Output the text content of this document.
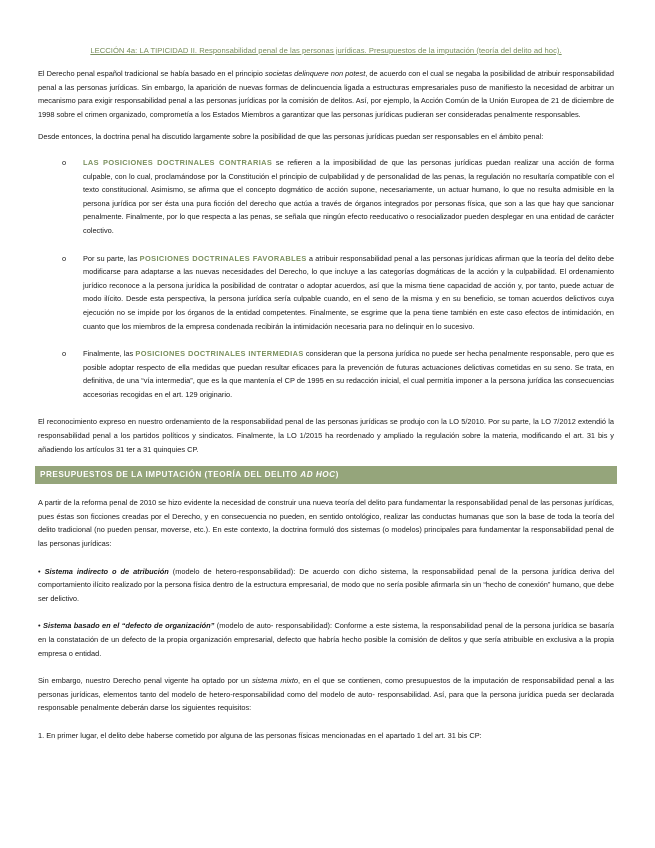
LECCIÓN 4a: LA TIPICIDAD II. Responsabilidad penal de las personas jurídicas. Presupuestos de la imputación (teoría del delito ad hoc).

El Derecho penal español tradicional se había basado en el principio societas delinquere non potest, de acuerdo con el cual se negaba la posibilidad de atribuir responsabilidad penal a las personas jurídicas. Sin embargo, la aparición de nuevas formas de delincuencia ligada a estructuras empresariales puso de manifiesto la necesidad de arbitrar un mecanismo para exigir responsabilidad penal a las personas jurídicas por la comisión de delitos. Así, por ejemplo, la Acción Común de la Unión Europea de 21 de diciembre de 1998 sobre el crimen organizado, comprometía a los Estados Miembros a garantizar que las personas jurídicas pudieran ser consideradas penalmente responsables.

Desde entonces, la doctrina penal ha discutido largamente sobre la posibilidad de que las personas jurídicas puedan ser responsables en el ámbito penal:

o LAS POSICIONES DOCTRINALES CONTRARIAS se refieren a la imposibilidad de que las personas jurídicas puedan realizar una acción de forma culpable, con lo cual, proclamándose por la Constitución el principio de culpabilidad y de personalidad de las penas, la regulación no resultaría compatible con el texto constitucional. Asimismo, se afirma que el concepto dogmático de acción supone, necesariamente, un actuar humano, lo que no resulta admisible en la persona jurídica por ser ésta una pura ficción del derecho que actúa a través de órganos integrados por personas física, que son a las que hay que sancionar penalmente. Finalmente, por lo que respecta a las penas, se señala que ningún efecto reeducativo o resocializador pueden desplegar en una entidad de carácter colectivo.
o Por su parte, las POSICIONES DOCTRINALES FAVORABLES a atribuir responsabilidad penal a las personas jurídicas afirman que la teoría del delito debe modificarse para adaptarse a las nuevas necesidades del Derecho, lo que incluye a las categorías dogmáticas de la acción y la culpabilidad. El ordenamiento jurídico reconoce a la persona jurídica la posibilidad de contratar o adoptar acuerdos, así que la misma tiene capacidad de acción y, por tanto, puede actuar de modo ilícito. Desde esta perspectiva, la persona jurídica sería culpable cuando, en el seno de la misma y en su beneficio, se toman acuerdos delictivos cuya ejecución no se impide por los órganos de la entidad competentes. Finalmente, se esgrime que la pena tiene también en este caso efectos de intimidación, en cuanto que los miembros de la empresa condenada recibirán la intimidación necesaria para no delinquir en lo sucesivo.
o Finalmente, las POSICIONES DOCTRINALES INTERMEDIAS consideran que la persona jurídica no puede ser hecha penalmente responsable, pero que es posible adoptar respecto de ella medidas que puedan resultar eficaces para la prevención de futuras actuaciones delictivas cometidas en su seno. Se trata, en definitiva, de una “vía intermedia”, que es la que mantenía el CP de 1995 en su redacción inicial, el cual permitía imponer a la persona jurídica las consecuencias accesorias recogidas en el art. 129 originario.

El reconocimiento expreso en nuestro ordenamiento de la responsabilidad penal de las personas jurídicas se produjo con la LO 5/2010. Por su parte, la LO 7/2012 extendió la responsabilidad penal a los partidos políticos y sindicatos. Finalmente, la LO 1/2015 ha reordenado y ampliado la regulación sobre la materia, modificando el art. 31 bis y añadiendo los artículos 31 ter a 31 quinquies CP.

PRESUPUESTOS DE LA IMPUTACIÓN (TEORÍA DEL DELITO AD HOC)

A partir de la reforma penal de 2010 se hizo evidente la necesidad de construir una nueva teoría del delito para fundamentar la responsabilidad penal de las personas jurídicas, pues éstas son ficciones creadas por el Derecho, y en consecuencia no pueden, en sentido ontológico, realizar las conductas humanas que son la base de toda la teoría del delito tradicional (no pueden pensar, moverse, etc.). En este contexto, la doctrina formuló dos sistemas (o modelos) principales para fundamentar la responsabilidad penal de las personas jurídicas:

• Sistema indirecto o de atribución (modelo de hetero-responsabilidad): De acuerdo con dicho sistema, la responsabilidad penal de la persona jurídica deriva del comportamiento ilícito realizado por la persona física dentro de la estructura empresarial, de modo que no sería posible afirmarla sin un “hecho de conexión” humano, que debe ser delictivo.

• Sistema basado en el “defecto de organización” (modelo de auto- responsabilidad): Conforme a este sistema, la responsabilidad penal de la persona jurídica se basaría en la constatación de un defecto de la propia organización empresarial, defecto que habría hecho posible la comisión de delitos y que sería atribuible en exclusiva a la propia empresa o entidad.

Sin embargo, nuestro Derecho penal vigente ha optado por un sistema mixto, en el que se contienen, como presupuestos de la imputación de responsabilidad penal a las personas jurídicas, elementos tanto del modelo de hetero-responsabilidad como del modelo de auto- responsabilidad. Así, para que la persona jurídica pueda ser declarada responsable penalmente deberán darse los siguientes requisitos:

1. En primer lugar, el delito debe haberse cometido por alguna de las personas físicas mencionadas en el apartado 1 del art. 31 bis CP:
